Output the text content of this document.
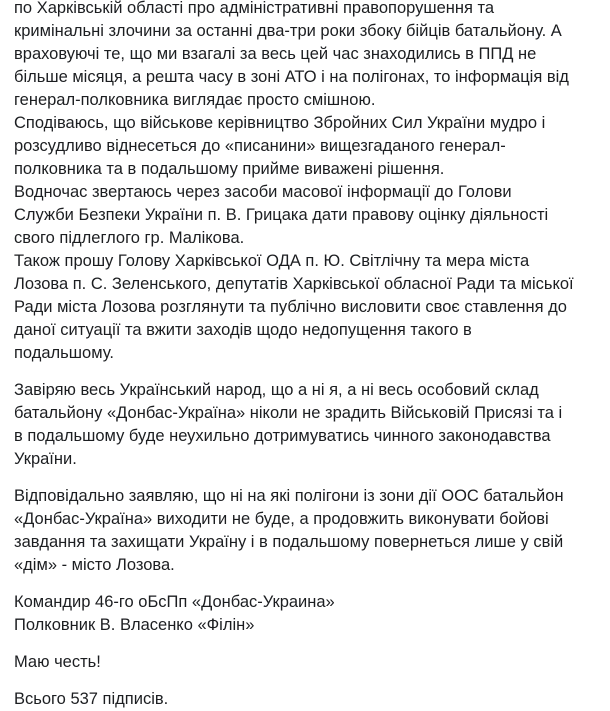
по Харківській області про адміністративні правопорушення та
кримінальні злочини за останні два-три роки збоку бійців батальйону. А
враховуючі те, що ми взагалі за весь цей час знаходились в ППД не
більше місяця, а решта часу в зоні АТО і на полігонах, то інформація від
генерал-полковника виглядає просто смішною.

Сподіваюсь, що військове керівництво Збройних Сил України мудро і
розсудливо віднесеться до «писанини» вищезгаданого генерал-
полковника та в подальшому прийме виважені рішення.

Водночас звертаюсь через засоби масової інформації до Голови
Служби Безпеки України п. В. Грицака дати правову оцінку діяльності
свого підлеглого гр. Малікова.

Також прошу Голову Харківської ОДА п. Ю. Світлічну та мера міста
Лозова п. С. Зеленського, депутатів Харківської обласної Ради та міської
Ради міста Лозова розглянути та публічно висловити своє ставлення до
даної ситуації та вжити заходів щодо недопущення такого в
подальшому.

Завіряю весь Український народ, що а ні я, а ні весь особовий склад
батальйону «Донбас-Україна» ніколи не зрадить Військовій Присязі та і
в подальшому буде неухильно дотримуватись чинного законодавства
України.

Відповідально заявляю, що ні на які полігони із зони дії ООС батальйон
«Донбас-Україна» виходити не буде, а продовжить виконувати бойові
завдання та захищати Україну і в подальшому повернеться лише у свій
«дім» - місто Лозова.

Командир 46-го оБсПп «Донбас-Украина»
Полковник В. Власенко «Філін»

Маю честь!

Всього 537 підписів.
